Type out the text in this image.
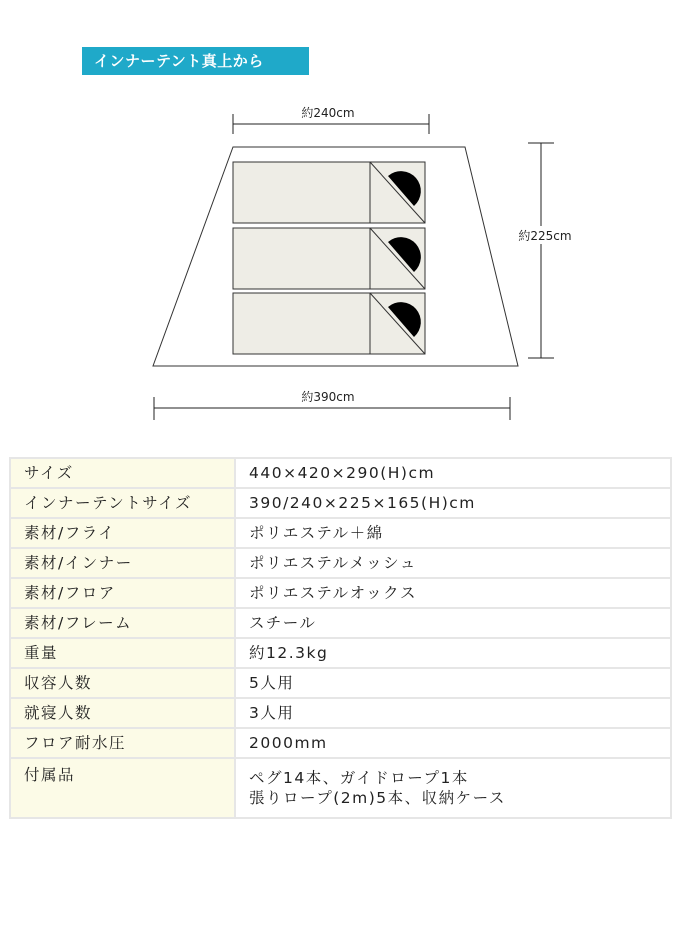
インナーテント真上から
約240cm
約225cm
約390cm
サイズ	440×420×290(H)cm

インナーテントサイズ	390/240×225×165(H)cm

素材/フライ	ポリエステル＋綿

素材/インナー	ポリエステルメッシュ

素材/フロア	ポリエステルオックス

素材/フレーム	スチール

重量	約12.3kg

収容人数	5人用

就寝人数	3人用

フロア耐水圧	2000mm

付属品	ペグ14本、ガイドロープ1本
張りロープ(2m)5本、収納ケース
